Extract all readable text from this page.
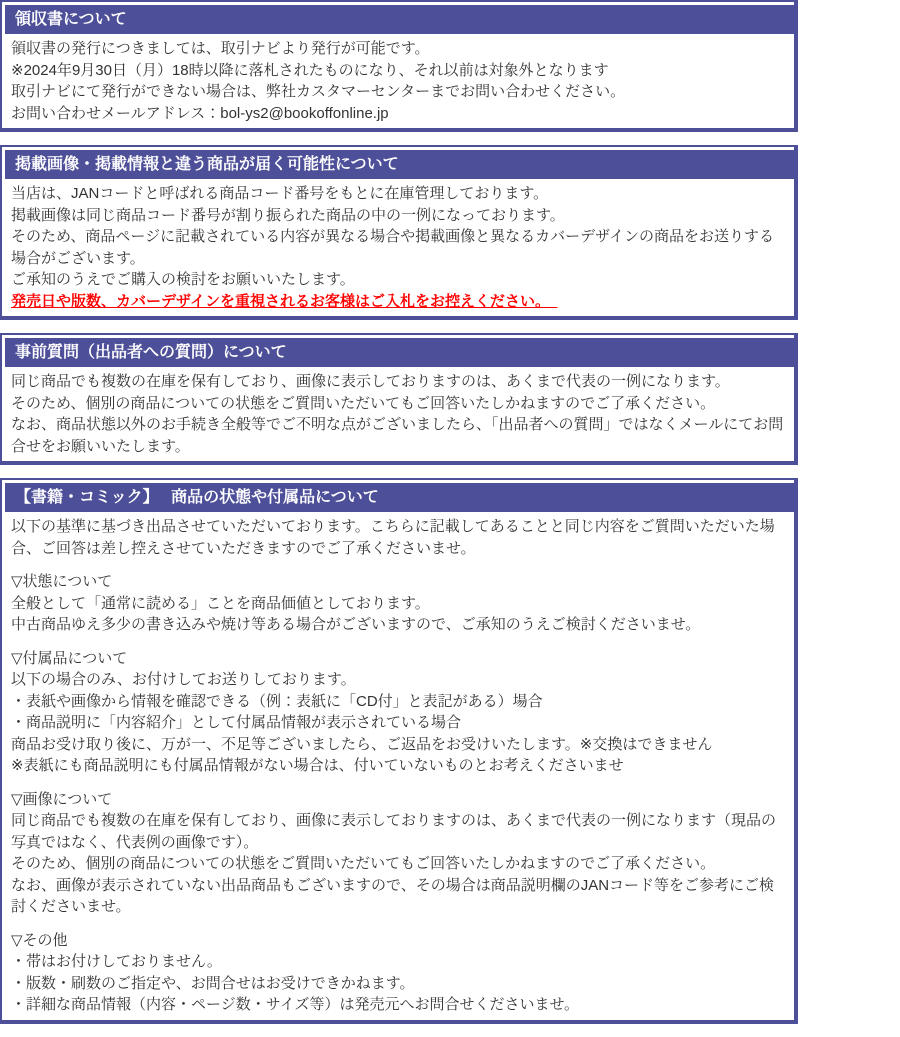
領収書について
領収書の発行につきましては、取引ナビより発行が可能です。
※2024年9月30日（月）18時以降に落札されたものになり、それ以前は対象外となります
取引ナビにて発行ができない場合は、弊社カスタマーセンターまでお問い合わせください。
お問い合わせメールアドレス：bol-ys2@bookoffonline.jp
掲載画像・掲載情報と違う商品が届く可能性について
当店は、JANコードと呼ばれる商品コード番号をもとに在庫管理しております。
掲載画像は同じ商品コード番号が割り振られた商品の中の一例になっております。
そのため、商品ページに記載されている内容が異なる場合や掲載画像と異なるカバーデザインの商品をお送りする場合がございます。
ご承知のうえでご購入の検討をお願いいたします。
発売日や版数、カバーデザインを重視されるお客様はご入札をお控えください。　
事前質問（出品者への質問）について
同じ商品でも複数の在庫を保有しており、画像に表示しておりますのは、あくまで代表の一例になります。
そのため、個別の商品についての状態をご質問いただいてもご回答いたしかねますのでご了承ください。
なお、商品状態以外のお手続き全般等でご不明な点がございましたら、「出品者への質問」ではなくメールにてお問合せをお願いいたします。
【書籍・コミック】　 商品の状態や付属品について
以下の基準に基づき出品させていただいております。こちらに記載してあることと同じ内容をご質問いただいた場合、ご回答は差し控えさせていただきますのでご了承くださいませ。
▽状態について
全般として「通常に読める」ことを商品価値としております。
中古商品ゆえ多少の書き込みや焼け等ある場合がございますので、ご承知のうえご検討くださいませ。
▽付属品について
以下の場合のみ、お付けしてお送りしております。
・表紙や画像から情報を確認できる（例：表紙に「CD付」と表記がある）場合
・商品説明に「内容紹介」として付属品情報が表示されている場合
商品お受け取り後に、万が一、不足等ございましたら、ご返品をお受けいたします。※交換はできません
※表紙にも商品説明にも付属品情報がない場合は、付いていないものとお考えくださいませ
▽画像について
同じ商品でも複数の在庫を保有しており、画像に表示しておりますのは、あくまで代表の一例になります（現品の写真ではなく、代表例の画像です）。
そのため、個別の商品についての状態をご質問いただいてもご回答いたしかねますのでご了承ください。
なお、画像が表示されていない出品商品もございますので、その場合は商品説明欄のJANコード等をご参考にご検討くださいませ。
▽その他
・帯はお付けしておりません。
・版数・刷数のご指定や、お問合せはお受けできかねます。
・詳細な商品情報（内容・ページ数・サイズ等）は発売元へお問合せくださいませ。
